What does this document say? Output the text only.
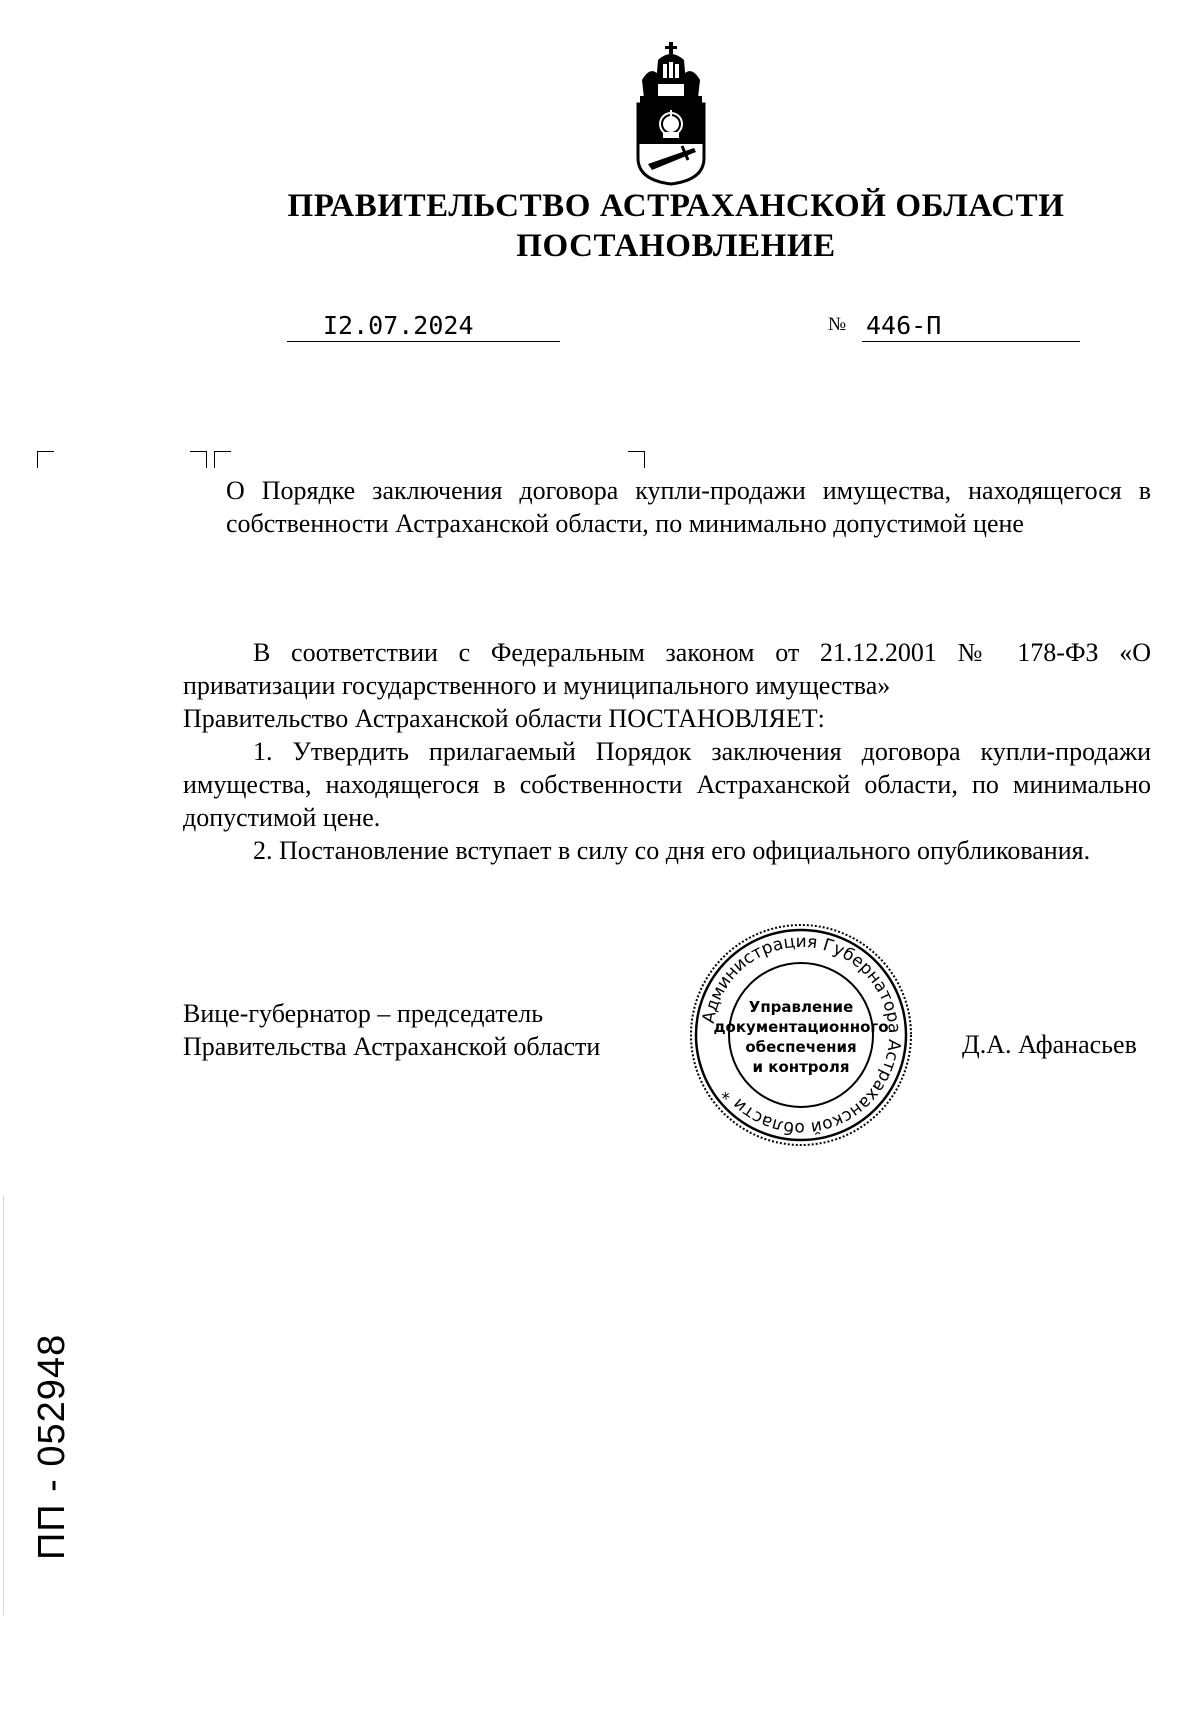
ПРАВИТЕЛЬСТВО АСТРАХАНСКОЙ ОБЛАСТИ
ПОСТАНОВЛЕНИЕ
I2.07.2024	№ 446-П
О Порядке заключения договора купли-продажи имущества, находящегося в собственности Астраханской области, по минимально допустимой цене

В соответствии с Федеральным законом от 21.12.2001 № 178-ФЗ «О приватизации государственного и муниципального имущества»

Правительство Астраханской области ПОСТАНОВЛЯЕТ:

1. Утвердить прилагаемый Порядок заключения договора купли-продажи имущества, находящегося в собственности Астраханской области, по минимально допустимой цене.

2. Постановление вступает в силу со дня его официального опубликования.

Вице-губернатор – председатель
Правительства Астраханской области	Д.А. Афанасьев
Администрация Губернатора Астраханской области *
Управление
документационного
обеспечения
и контроля
ПП - 052948
